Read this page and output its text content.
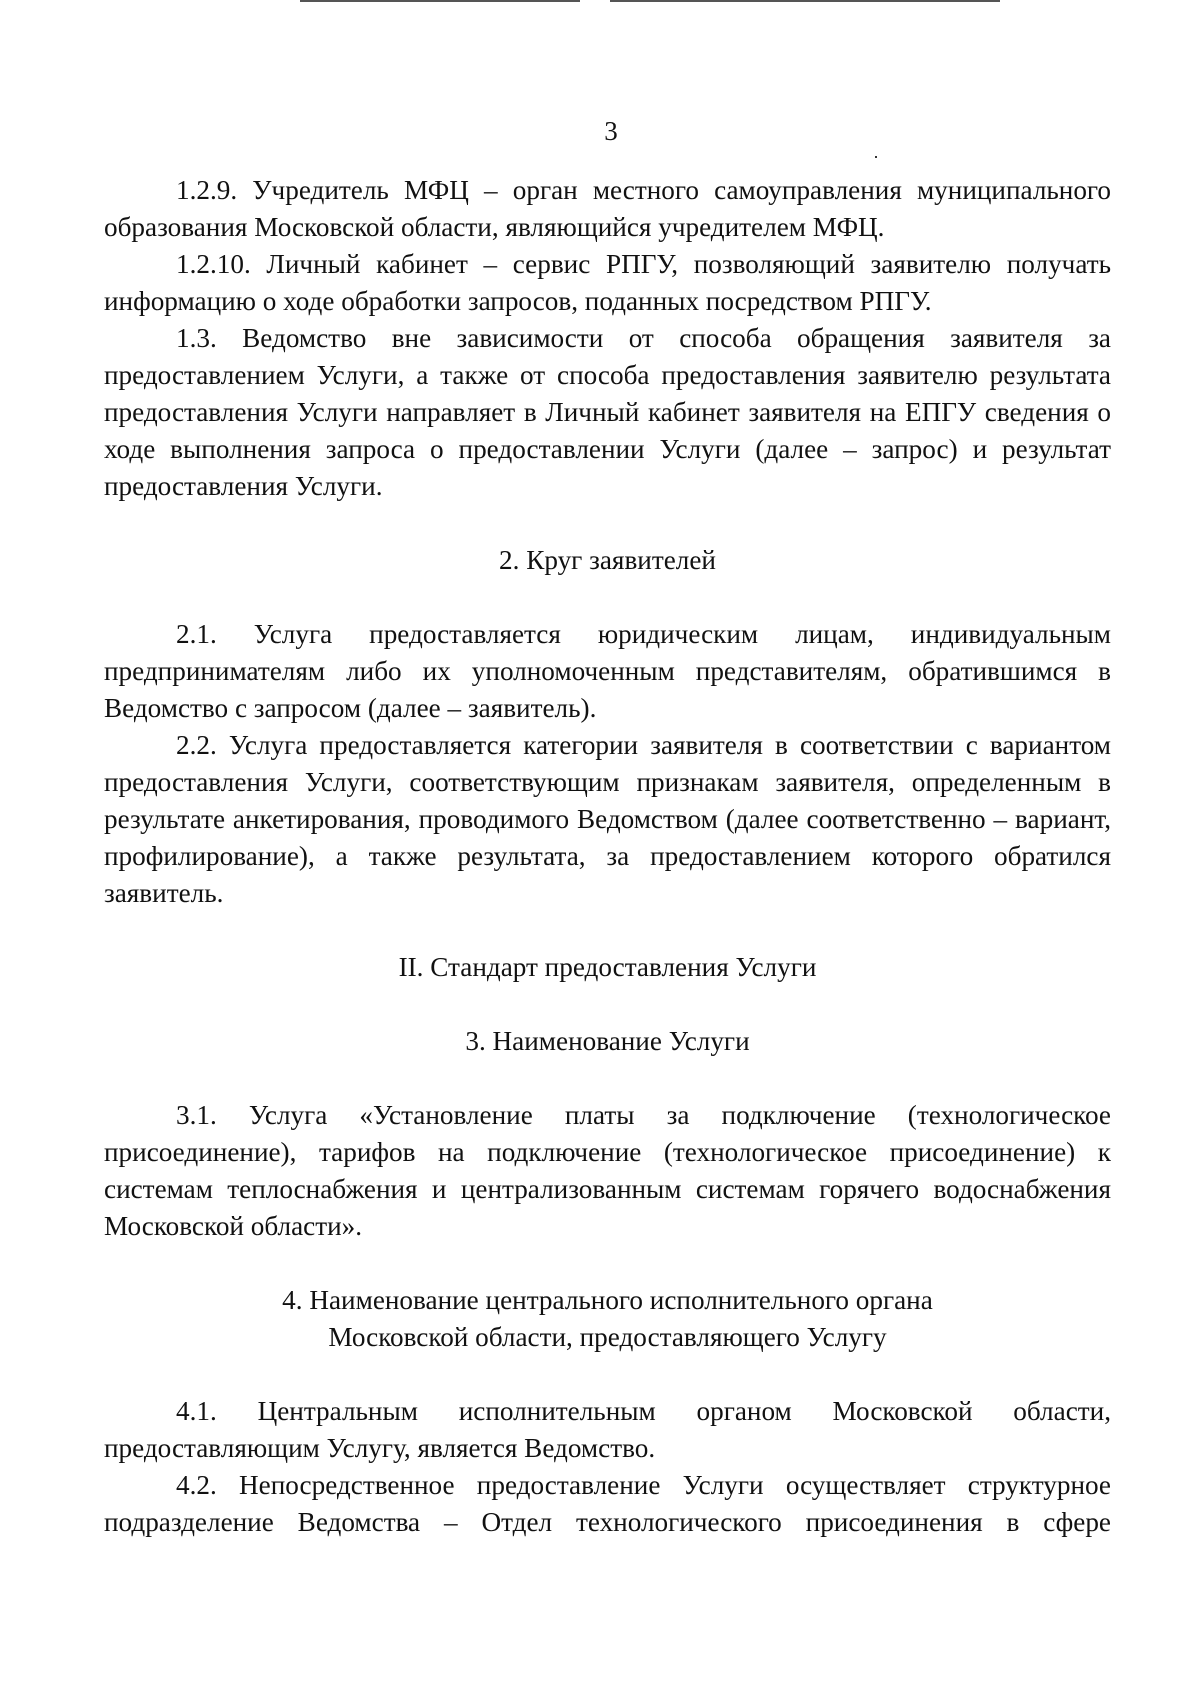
3

1.2.9. Учредитель МФЦ – орган местного самоуправления муниципального образования Московской области, являющийся учредителем МФЦ.

1.2.10. Личный кабинет – сервис РПГУ, позволяющий заявителю получать информацию о ходе обработки запросов, поданных посредством РПГУ.

1.3. Ведомство вне зависимости от способа обращения заявителя за предоставлением Услуги, а также от способа предоставления заявителю результата предоставления Услуги направляет в Личный кабинет заявителя на ЕПГУ сведения о ходе выполнения запроса о предоставлении Услуги (далее – запрос) и результат предоставления Услуги.

2. Круг заявителей

2.1. Услуга предоставляется юридическим лицам, индивидуальным предпринимателям либо их уполномоченным представителям, обратившимся в Ведомство с запросом (далее – заявитель).

2.2. Услуга предоставляется категории заявителя в соответствии с вариантом предоставления Услуги, соответствующим признакам заявителя, определенным в результате анкетирования, проводимого Ведомством (далее соответственно – вариант, профилирование), а также результата, за предоставлением которого обратился заявитель.

II. Стандарт предоставления Услуги
3. Наименование Услуги

3.1. Услуга «Установление платы за подключение (технологическое присоединение), тарифов на подключение (технологическое присоединение) к системам теплоснабжения и централизованным системам горячего водоснабжения Московской области».

4. Наименование центрального исполнительного органа
Московской области, предоставляющего Услугу

4.1. Центральным исполнительным органом Московской области, предоставляющим Услугу, является Ведомство.

4.2. Непосредственное предоставление Услуги осуществляет структурное подразделение Ведомства – Отдел технологического присоединения в сфере
